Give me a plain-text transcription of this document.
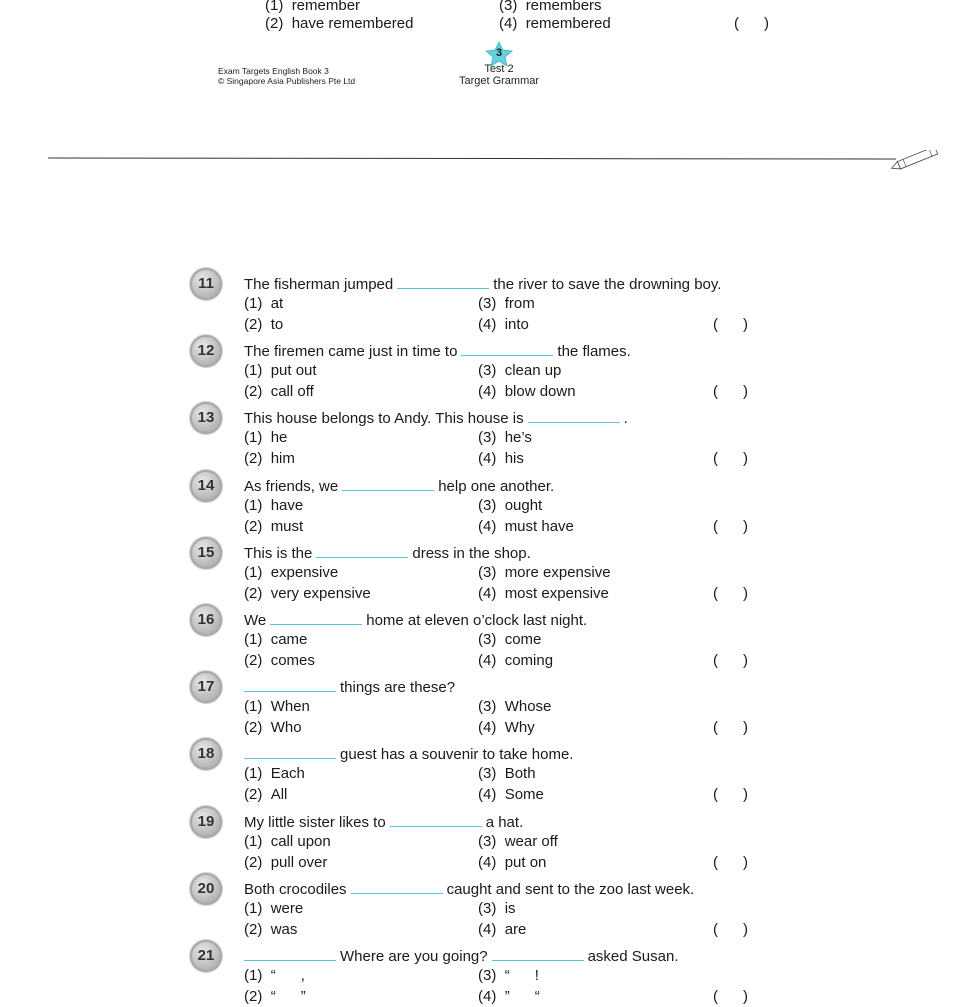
(1) remember
(2) have remembered
(3) remembers
(4) remembered	(      )
Exam Targets English Book 3
© Singapore Asia Publishers Pte Ltd
3
Test 2
Target Grammar
11	The fisherman jumped	the river to save the drowning boy.
(1) at
(2) to
(3) from
(4) into	(      )
12	The firemen came just in time to	the flames.
(1) put out
(2) call off
(3) clean up
(4) blow down	(      )
13	This house belongs to Andy. This house is	.
(1) he
(2) him
(3) he’s
(4) his	(      )
14	As friends, we	help one another.
(1) have
(2) must
(3) ought
(4) must have	(      )
15	This is the	dress in the shop.
(1) expensive
(2) very expensive
(3) more expensive
(4) most expensive	(      )
16	We	home at eleven o’clock last night.
(1) came
(2) comes
(3) come
(4) coming	(      )
17	things are these?
(1) When
(2) Who
(3) Whose
(4) Why	(      )
18	guest has a souvenir to take home.
(1) Each
(2) All
(3) Both
(4) Some	(      )
19	My little sister likes to	a hat.
(1) call upon
(2) pull over
(3) wear off
(4) put on	(      )
20	Both crocodiles	caught and sent to the zoo last week.
(1) were
(2) was
(3) is
(4) are	(      )
21	Where are you going?	asked Susan.
(1) “      ,
(2) “      ”
(3) “      !
(4) ”      “	(      )
